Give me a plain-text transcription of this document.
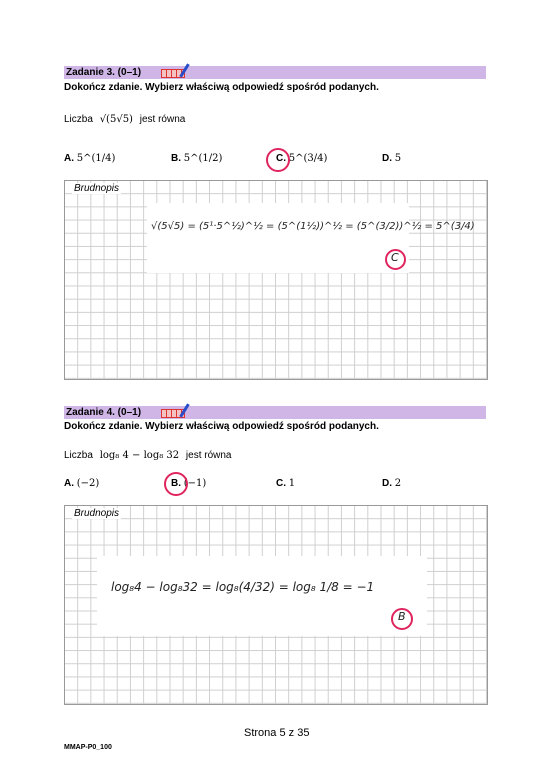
Zadanie 3. (0–1)
Dokończ zdanie. Wybierz właściwą odpowiedź spośród podanych.
Liczba √(5√5) jest równa
A. 5^(1/4)	B. 5^(1/2)	C. 5^(3/4)	D. 5
Brudnopis
√(5√5) = (5¹·5^½)^½ = (5^(1½))^½ = (5^(3/2))^½ = 5^(3/4)
C
Zadanie 4. (0–1)
Dokończ zdanie. Wybierz właściwą odpowiedź spośród podanych.
Liczba log₈ 4 − log₈ 32 jest równa
A. (−2)	B. (−1)	C. 1	D. 2
Brudnopis
log₈4 − log₈32 = log₈(4/32) = log₈ 1/8 = −1
B
Strona 5 z 35
MMAP-P0_100
